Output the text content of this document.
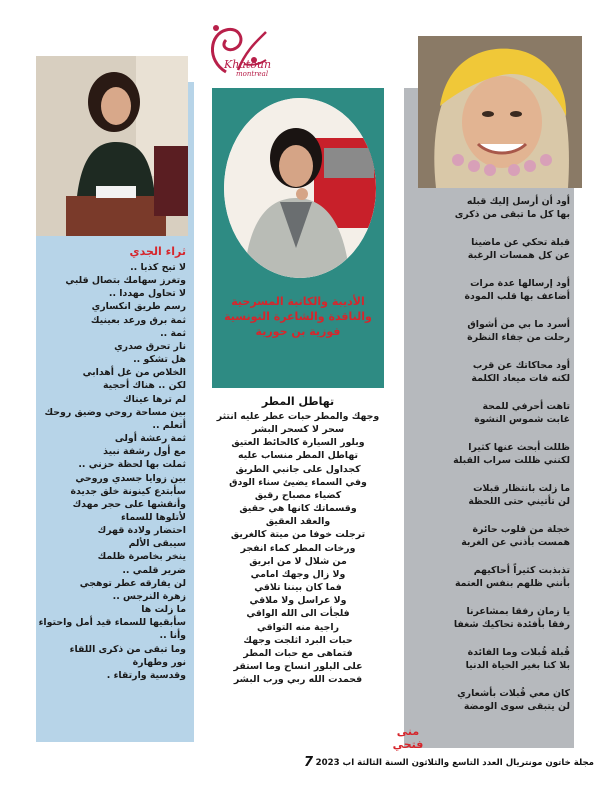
Khatoun
montreal
ثراء الجدي
لا تبح كذبا ..
وتغرز سهامك بتصال قلبي
لا تحاول مهددا ..
رسم طريق انكساري
ثمة برق ورعد بعينيك
ثمة ..
نار تحرق صدري
هل تشكو ..
الخلاص من غل أهدابي
لكن .. هناك أحجية
لم ترها عيناك
بين مساحة روحي وضيق روحك
أتعلم ..
ثمة رعشة أولى
مع أول رشفة نبيذ
ثملت بها لحظة حزني ..
بين زوايا جسدي وروحي
سأبتدع كينونة خلق جديدة
وأنقشها على حجر مهدك
لأتلوها للسماء
احتضار ولادة قهرك
سيبقى الألم
ينخر بخاصرة ظلمك
ضرير قلمي ..
لن يفارقه عطر توهجي
زهرة النرجس ..
ما زلت ها
سأبقيها للسماء قيد أمل واحتواء
وأنا ..
وما تبقى من ذكرى اللقاء
نور وطهارة
وقدسية وارتقاء .
الأديبة والكاتبة المسرحية
والناقدة والشاعرة التونسية
فوزية بن حورية
تهاطل المطر
وجهك والمطر حبات عطر عليه انتثر
سحر لا كسحر البشر
وبلور السيارة كالحائط العتيق
تهاطل المطر منساب عليه
كجداول على جانبي الطريق
وفي السماء يضيئ سناء الودق
كضياء مصباح رقيق
وقسماتك كانها هي حقيق
والعقد العقيق
ترجلت خوفا من ميتة كالغريق
ورخات المطر كماء انفجر
من شلال لا من ابريق
ولا زال وجهك امامي
فما كان بيننا تلاقي
ولا عراسل ولا ملاقي
فلجأت الى الله الواقي
راجية منه التواقي
حبات البرد اثلجت وجهك
فتماهى مع حبات المطر
على البلور انساح وما استقر
فحمدت الله ربي ورب البشر
أود أن أرسل إليك قبله
بها كل ما تبقى من ذكرى
قبلة تحكي عن ماضينا
عن كل همسات الرغبة
أود إرسالها عدة مرات
أضاعف بها قلب المودة
أسرد ما بي من أشواق
رحلت من جفاء النظرة
أود محاكاتك عن قرب
لكنه فات ميعاد الكلمة
تاهت أحرفي للمحة
غابت شموس النشوة
ظللت أبحث عنها كثيرا
لكنني ظللت سراب القبلة
ما زلت بانتظار قبلات
لن تأتيني حتى اللحظة
خجلة من قلوب حائرة
همست بأذني عن الغربة
تذبذبت كثيراً أحاكيهم
بأنني ظلهم بنفس العتمة
يا زمان رفقا بمشاعرنا
رفقا بأفئدة تحاكيك شغفا
قُبلة قُبلات وما الفائدة
بلا كنا بغير الحياة الدنيا
كان معي قُبلات بأشعاري
لن يتبقى سوى الومضة
منى فتحي
7 مجلة خاتون مونتريال العدد التاسع والثلاثون السنة الثالثة اب 2023
